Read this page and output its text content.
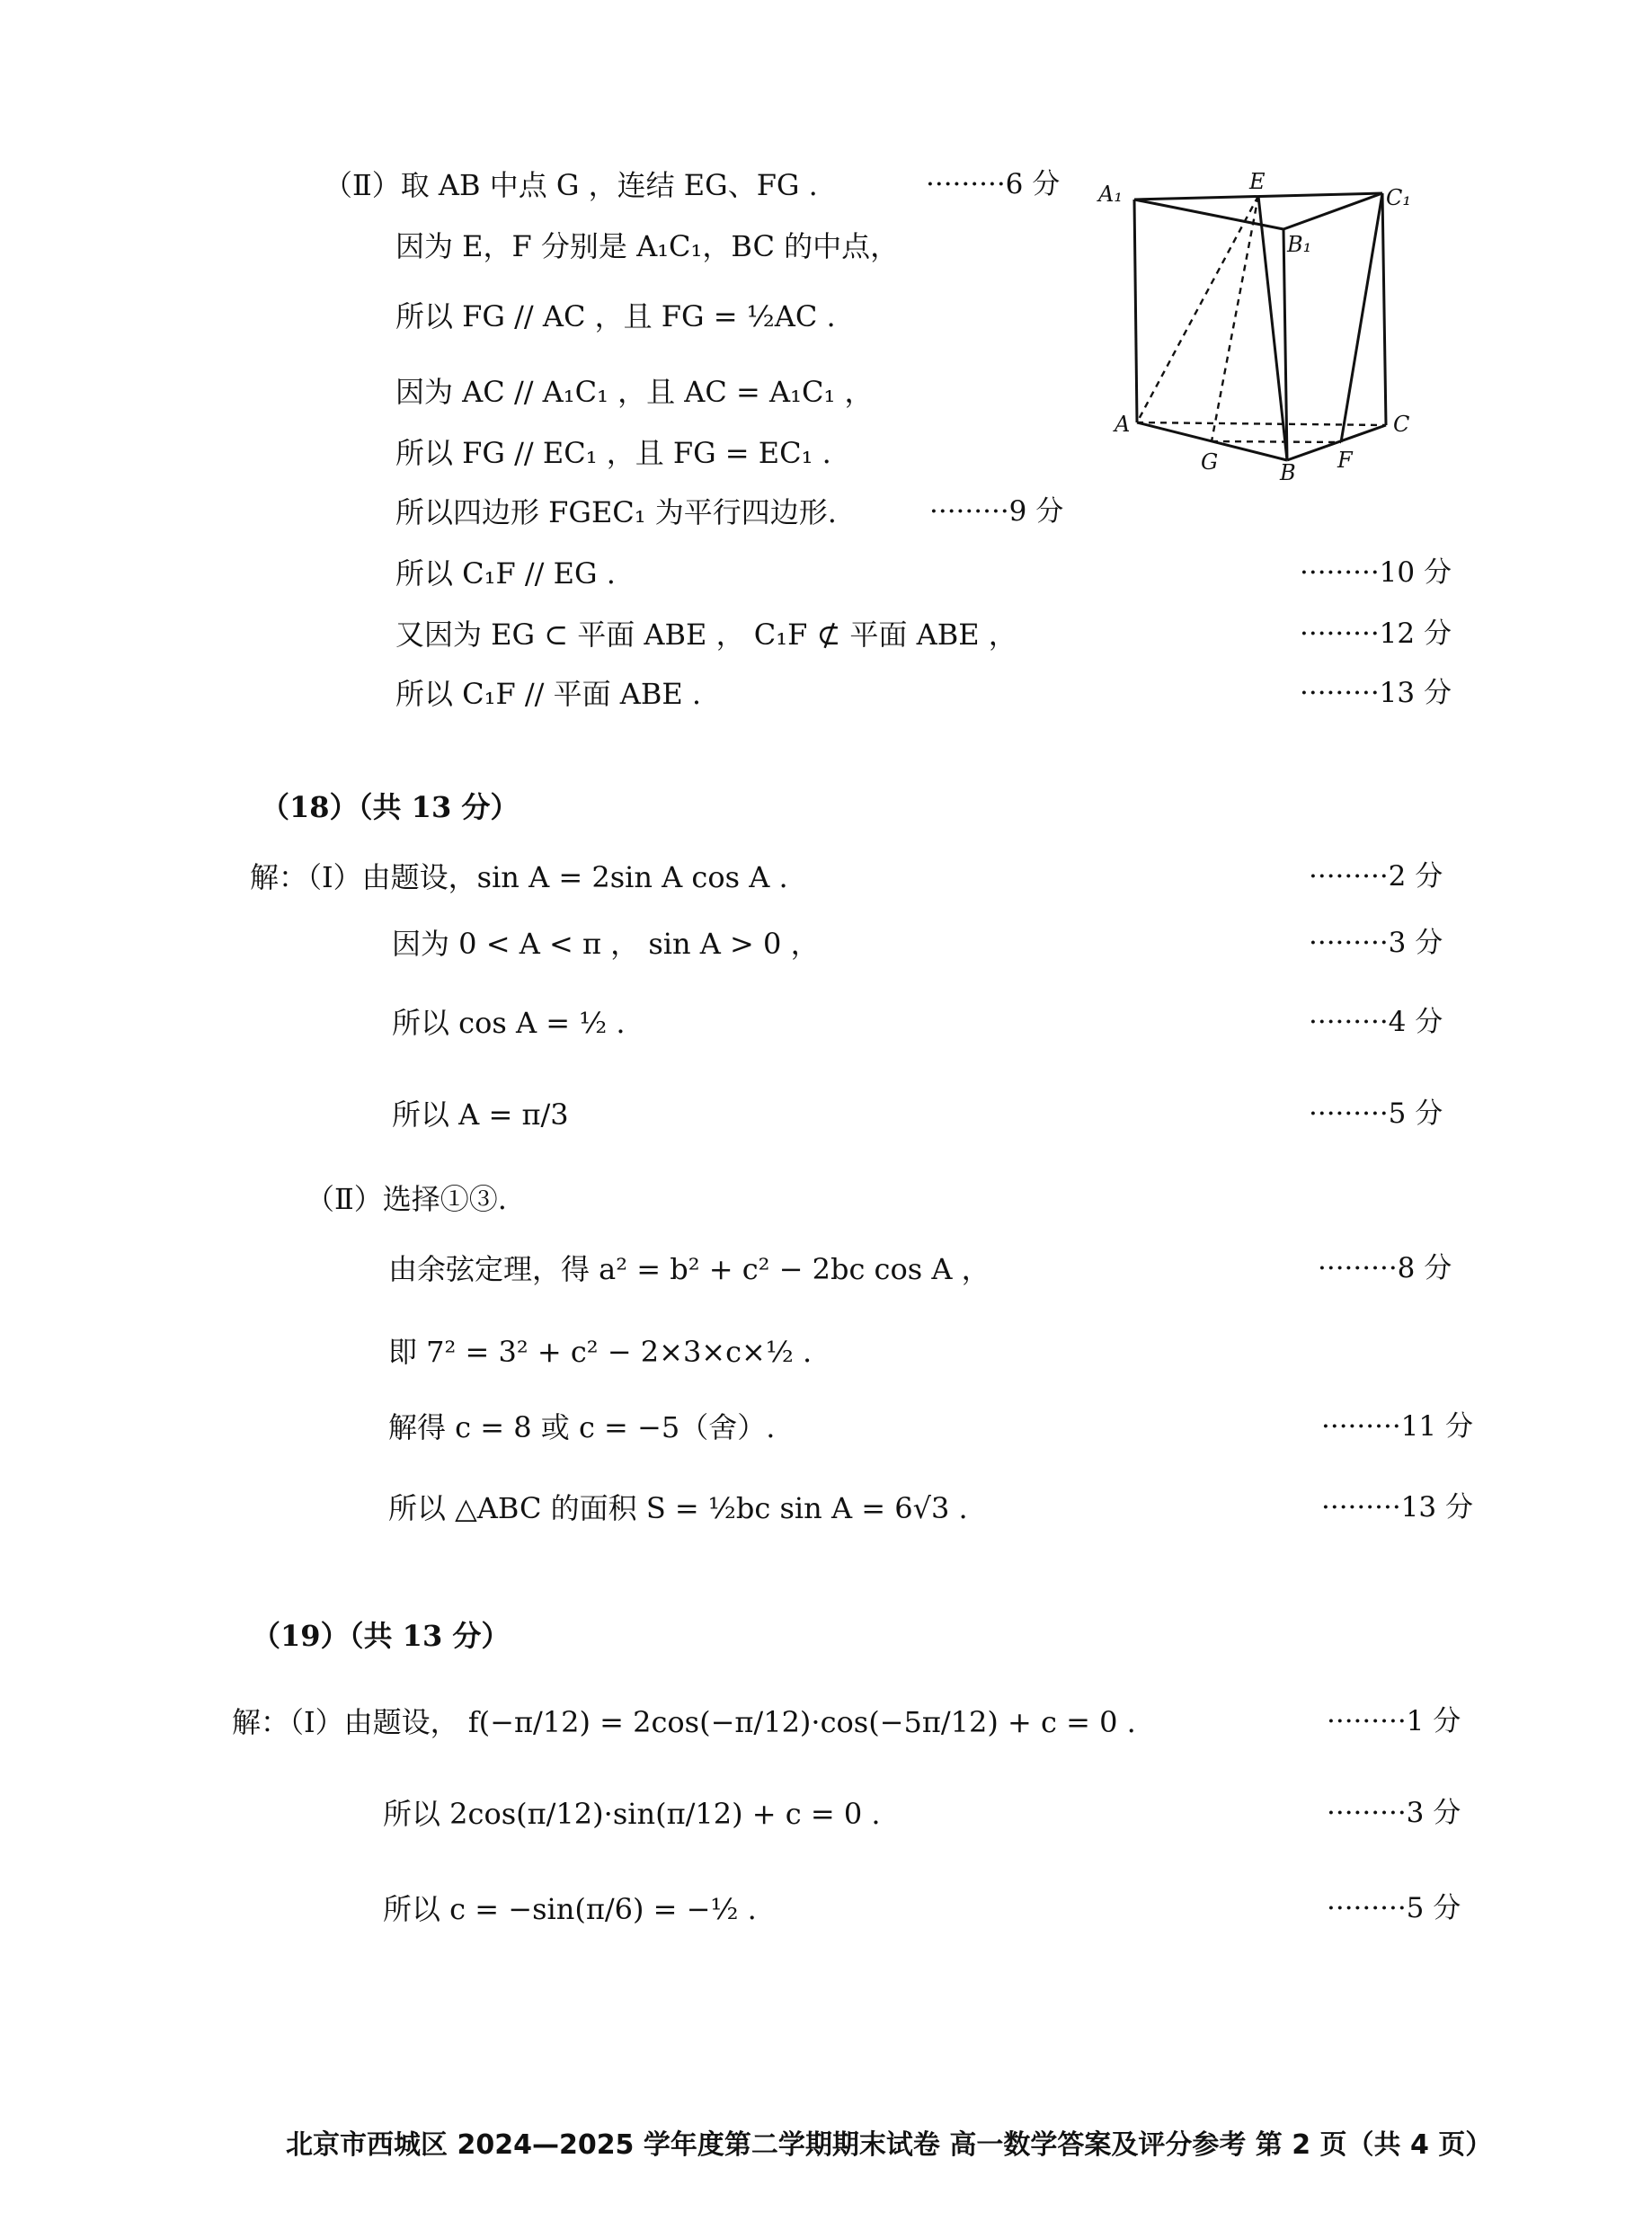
（Ⅱ）取 AB 中点 G ，连结 EG、FG .	·········6 分
因为 E，F 分别是 A₁C₁，BC 的中点，
所以 FG // AC ，且 FG = ½AC .
因为 AC // A₁C₁ ，且 AC = A₁C₁ ，
所以 FG // EC₁ ，且 FG = EC₁ .
所以四边形 FGEC₁ 为平行四边形.	·········9 分
所以 C₁F // EG .	·········10 分
又因为 EG ⊂ 平面 ABE ， C₁F ⊄ 平面 ABE ，	·········12 分
所以 C₁F // 平面 ABE .	·········13 分
A₁	E
C₁
B₁
A
G	B F
C
（18）（共 13 分）
解：（Ⅰ）由题设，sin A = 2sin A cos A .	·········2 分
因为 0 < A < π ， sin A > 0 ，	·········3 分
所以 cos A = ½ .	·········4 分
所以 A = π/3	·········5 分
（Ⅱ）选择①③.
由余弦定理，得 a² = b² + c² − 2bc cos A ，	·········8 分
即 7² = 3² + c² − 2×3×c×½ .
解得 c = 8 或 c = −5（舍）.	·········11 分
所以 △ABC 的面积 S = ½bc sin A = 6√3 .	·········13 分
（19）（共 13 分）
解：（Ⅰ）由题设， f(−π/12) = 2cos(−π/12)·cos(−5π/12) + c = 0 .	·········1 分
所以 2cos(π/12)·sin(π/12) + c = 0 .	·········3 分
所以 c = −sin(π/6) = −½ .	·········5 分
北京市西城区 2024—2025 学年度第二学期期末试卷 高一数学答案及评分参考 第 2 页（共 4 页）
